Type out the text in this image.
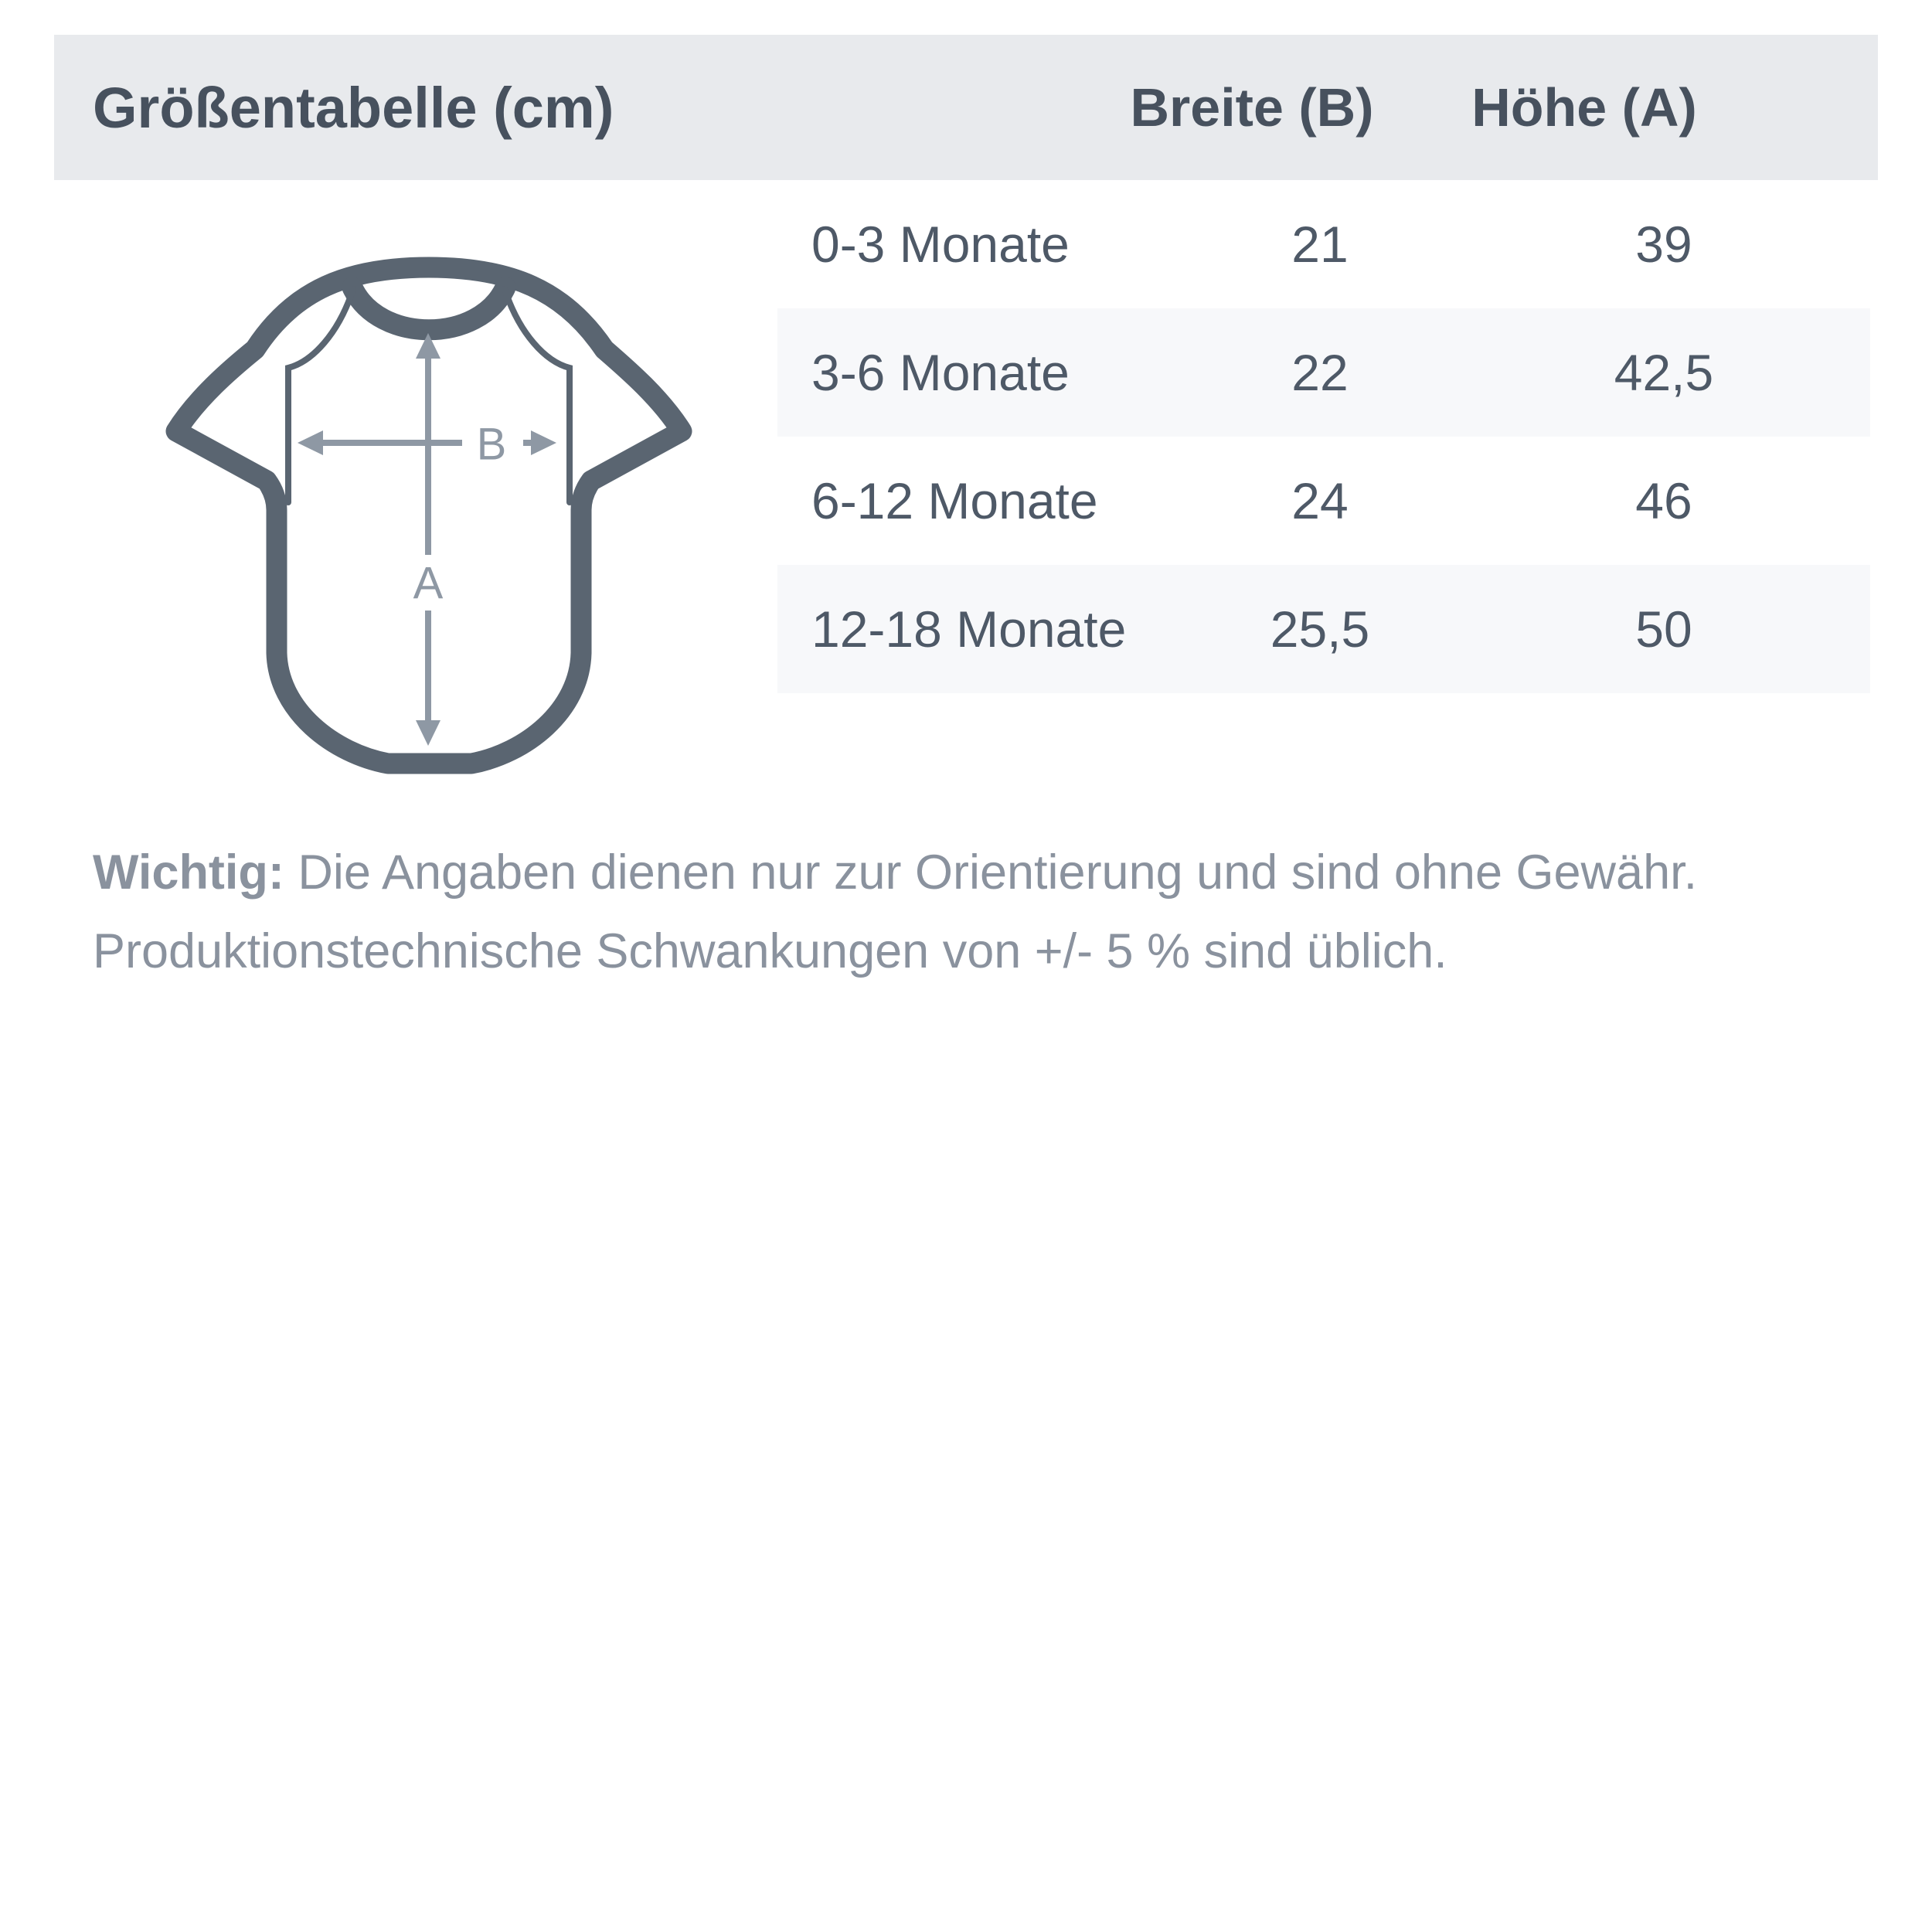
Größentabelle (cm)	Breite (B) Höhe (A)
B
A
0-3 Monate	21	39
3-6 Monate	22	42,5
6-12 Monate	24	46
12-18 Monate	25,5	50
Wichtig: Die Angaben dienen nur zur Orientierung und sind ohne Gewähr.
Produktionstechnische Schwankungen von +/- 5 % sind üblich.
